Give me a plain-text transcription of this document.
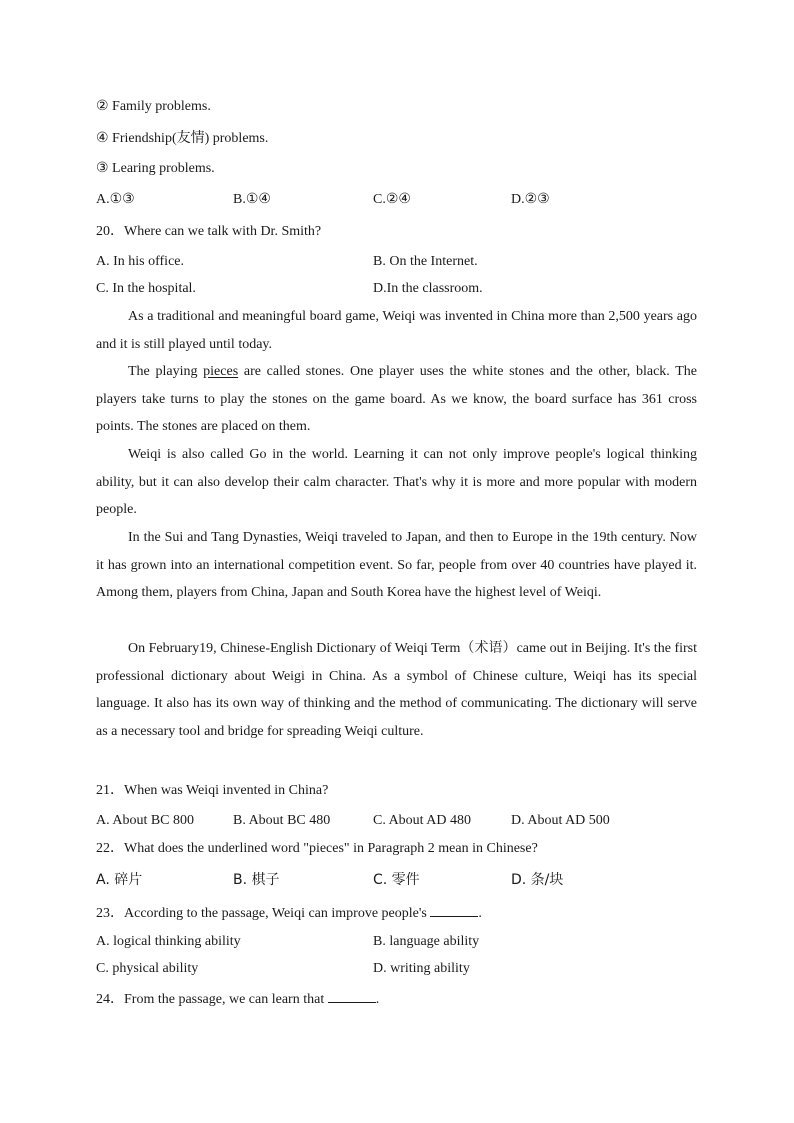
② Family problems.
④ Friendship(友情) problems.
③ Learing problems.
A.①③	B.①④	C.②④	D.②③
20．Where can we talk with Dr. Smith?
A. In his office.	B. On the Internet.
C. In the hospital.	D.In the classroom.

As a traditional and meaningful board game, Weiqi was invented in China more than 2,500 years ago and it is still played until today.

The playing pieces are called stones. One player uses the white stones and the other, black. The players take turns to play the stones on the game board. As we know, the board surface has 361 cross points. The stones are placed on them.

Weiqi is also called Go in the world. Learning it can not only improve people's logical thinking ability, but it can also develop their calm character. That's why it is more and more popular with modern people.

In the Sui and Tang Dynasties, Weiqi traveled to Japan, and then to Europe in the 19th century. Now it has grown into an international competition event. So far, people from over 40 countries have played it. Among them, players from China, Japan and South Korea have the highest level of Weiqi.

On February19, Chinese-English Dictionary of Weiqi Term（术语）came out in Beijing. It's the first professional dictionary about Weigi in China. As a symbol of Chinese culture, Weiqi has its special language. It also has its own way of thinking and the method of communicating. The dictionary will serve as a necessary tool and bridge for spreading Weiqi culture.

21．When was Weiqi invented in China?
A. About BC 800	B. About BC 480	C. About AD 480	D. About AD 500
22．What does the underlined word "pieces" in Paragraph 2 mean in Chinese?
A. 碎片	B. 棋子	C. 零件	D. 条/块
23．According to the passage, Weiqi can improve people's	.
A. logical thinking ability	B. language ability
C. physical ability	D. writing ability
24．From the passage, we can learn that	.
